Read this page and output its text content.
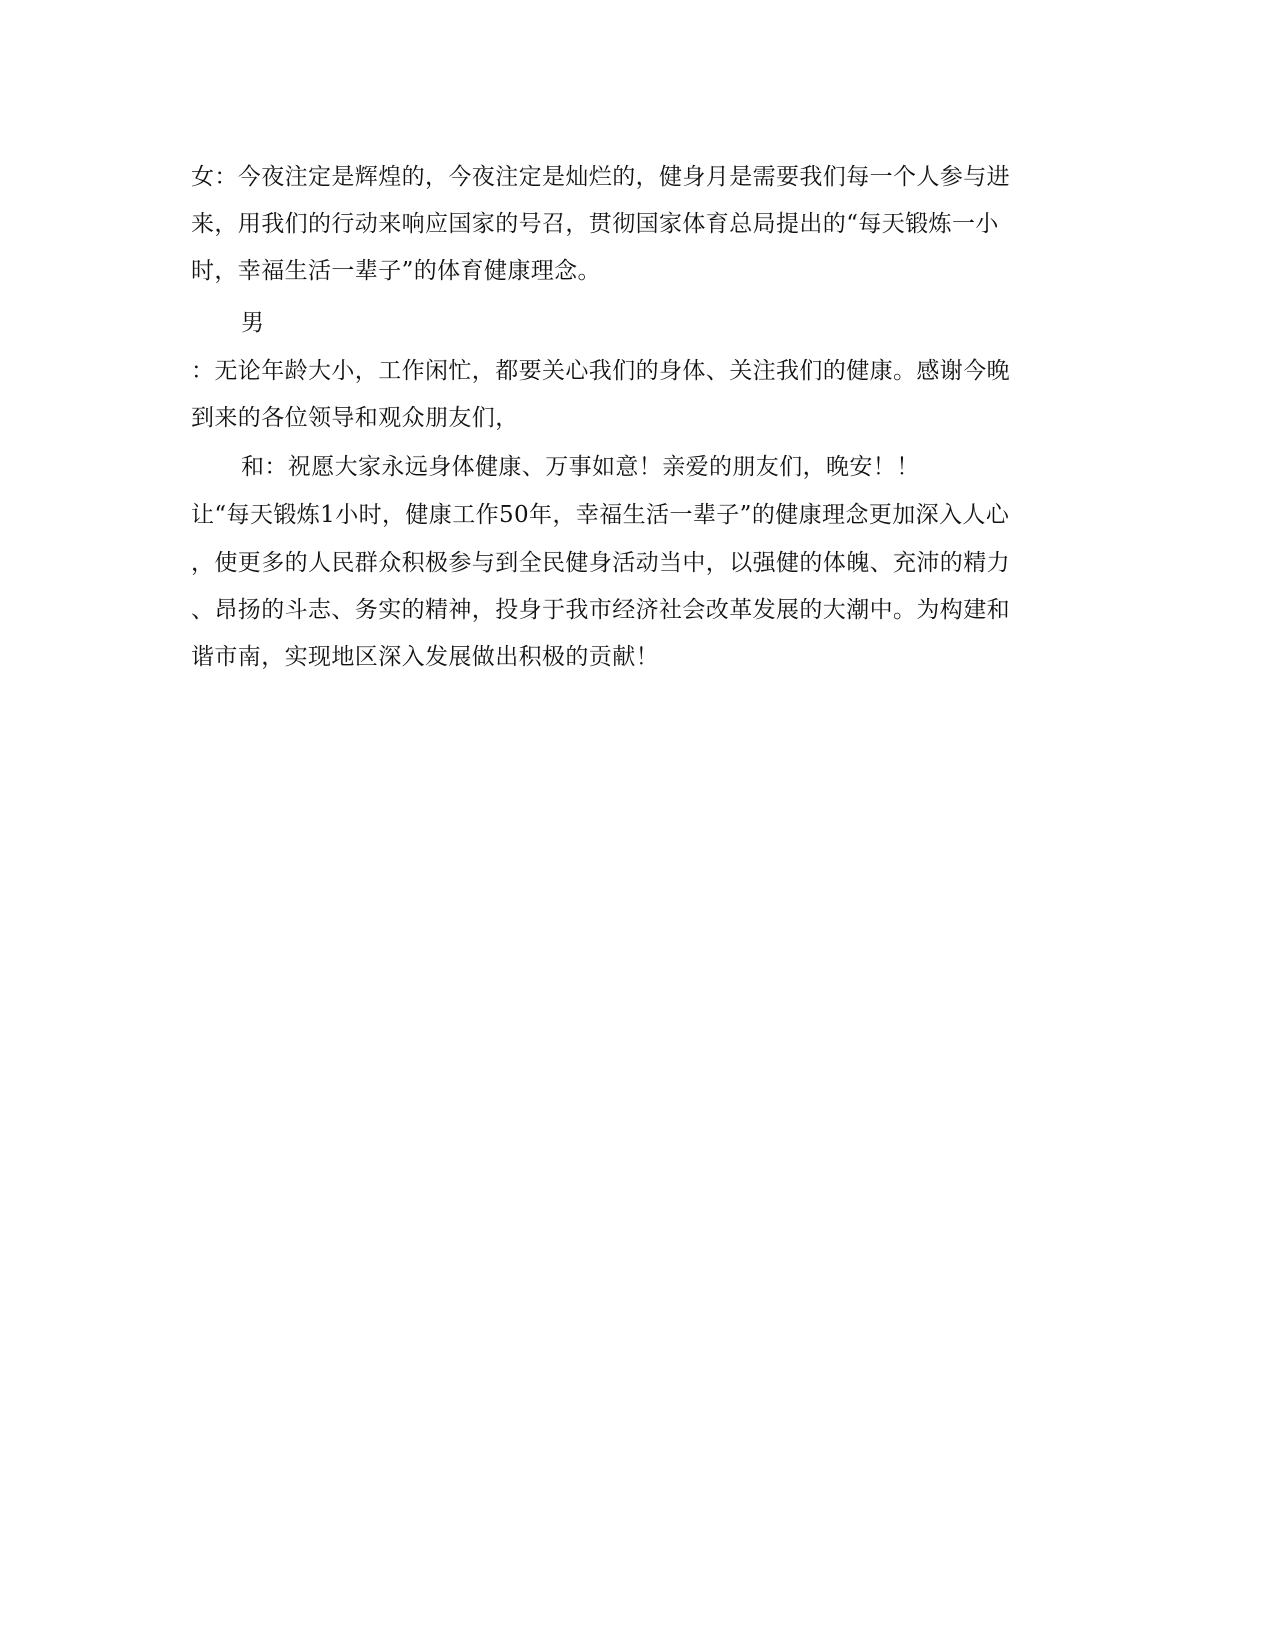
女：今夜注定是辉煌的，今夜注定是灿烂的，健身月是需要我们每一个人参与进
来，用我们的行动来响应国家的号召，贯彻国家体育总局提出的“每天锻炼一小
时，幸福生活一辈子”的体育健康理念。
男
：无论年龄大小，工作闲忙，都要关心我们的身体、关注我们的健康。感谢今晚
到来的各位领导和观众朋友们，
和：祝愿大家永远身体健康、万事如意！亲爱的朋友们，晚安！！
让“每天锻炼1小时，健康工作50年，幸福生活一辈子”的健康理念更加深入人心
，使更多的人民群众积极参与到全民健身活动当中，以强健的体魄、充沛的精力
、昂扬的斗志、务实的精神，投身于我市经济社会改革发展的大潮中。为构建和
谐市南，实现地区深入发展做出积极的贡献！
